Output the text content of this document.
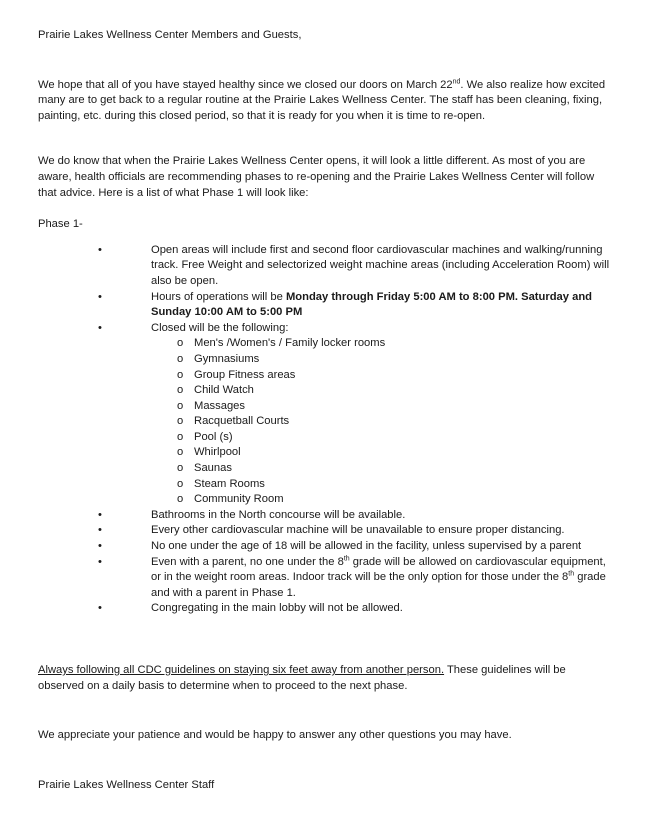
Prairie Lakes Wellness Center Members and Guests,

We hope that all of you have stayed healthy since we closed our doors on March 22nd. We also realize how excited many are to get back to a regular routine at the Prairie Lakes Wellness Center. The staff has been cleaning, fixing, painting, etc. during this closed period, so that it is ready for you when it is time to re-open.

We do know that when the Prairie Lakes Wellness Center opens, it will look a little different. As most of you are aware, health officials are recommending phases to re-opening and the Prairie Lakes Wellness Center will follow that advice. Here is a list of what Phase 1 will look like:

Phase 1-

•	Open areas will include first and second floor cardiovascular machines and walking/running track. Free Weight and selectorized weight machine areas (including Acceleration Room) will also be open.
•	Hours of operations will be Monday through Friday 5:00 AM to 8:00 PM. Saturday and Sunday 10:00 AM to 5:00 PM
•	Closed will be the following:
o Men's /Women's / Family locker rooms
o Gymnasiums
o Group Fitness areas
o Child Watch
o Massages
o Racquetball Courts
o Pool (s)
o Whirlpool
o Saunas
o Steam Rooms
o Community Room
•	Bathrooms in the North concourse will be available.
•	Every other cardiovascular machine will be unavailable to ensure proper distancing.
•	No one under the age of 18 will be allowed in the facility, unless supervised by a parent
•	Even with a parent, no one under the 8th grade will be allowed on cardiovascular equipment, or in the weight room areas. Indoor track will be the only option for those under the 8th grade and with a parent in Phase 1.
•	Congregating in the main lobby will not be allowed.

Always following all CDC guidelines on staying six feet away from another person. These guidelines will be observed on a daily basis to determine when to proceed to the next phase.

We appreciate your patience and would be happy to answer any other questions you may have.

Prairie Lakes Wellness Center Staff
